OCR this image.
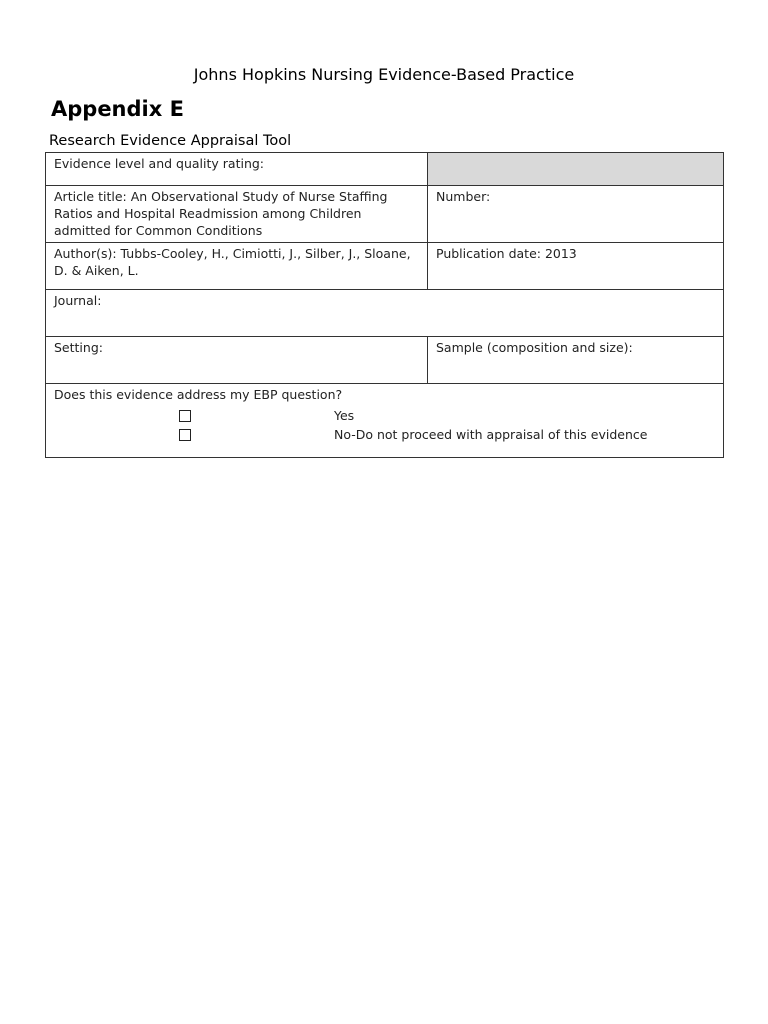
Johns Hopkins Nursing Evidence-Based Practice
Appendix E
Research Evidence Appraisal Tool
Evidence level and quality rating:	
Article title: An Observational Study of Nurse Staffing Ratios and Hospital Readmission among Children admitted for Common Conditions	Number:
Author(s): Tubbs-Cooley, H., Cimiotti, J., Silber, J., Sloane, D. & Aiken, L.	Publication date: 2013
Journal:	
Setting:	Sample (composition and size):

Does this evidence address my EBP question?
Yes
No-Do not proceed with appraisal of this evidence	
